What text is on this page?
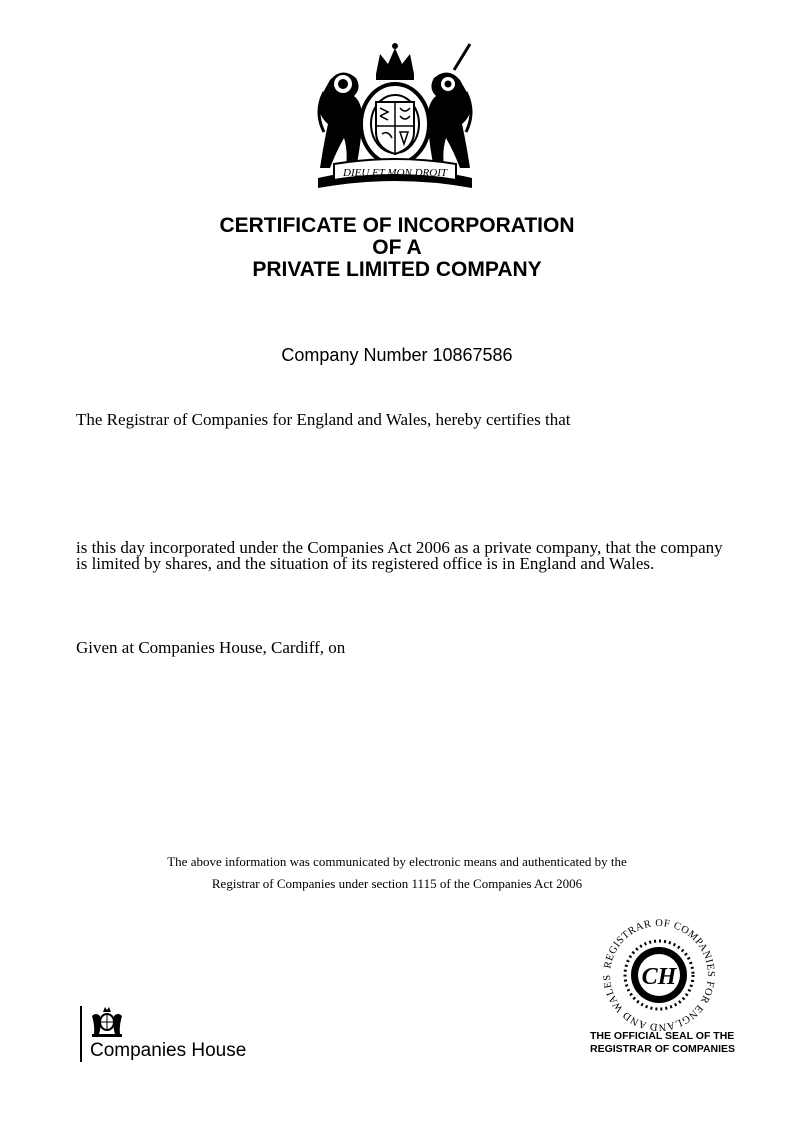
DIEU ET MON DROIT
CERTIFICATE OF INCORPORATION
OF A
PRIVATE LIMITED COMPANY
Company Number 10867586
The Registrar of Companies for England and Wales, hereby certifies that
is this day incorporated under the Companies Act 2006 as a private company, that the company is limited by shares, and the situation of its registered office is in England and Wales.
Given at Companies House, Cardiff, on
The above information was communicated by electronic means and authenticated by the
Registrar of Companies under section 1115 of the Companies Act 2006
REGISTRAR OF COMPANIES FOR ENGLAND AND WALES	CH
THE OFFICIAL SEAL OF THE
REGISTRAR OF COMPANIES
Companies House
